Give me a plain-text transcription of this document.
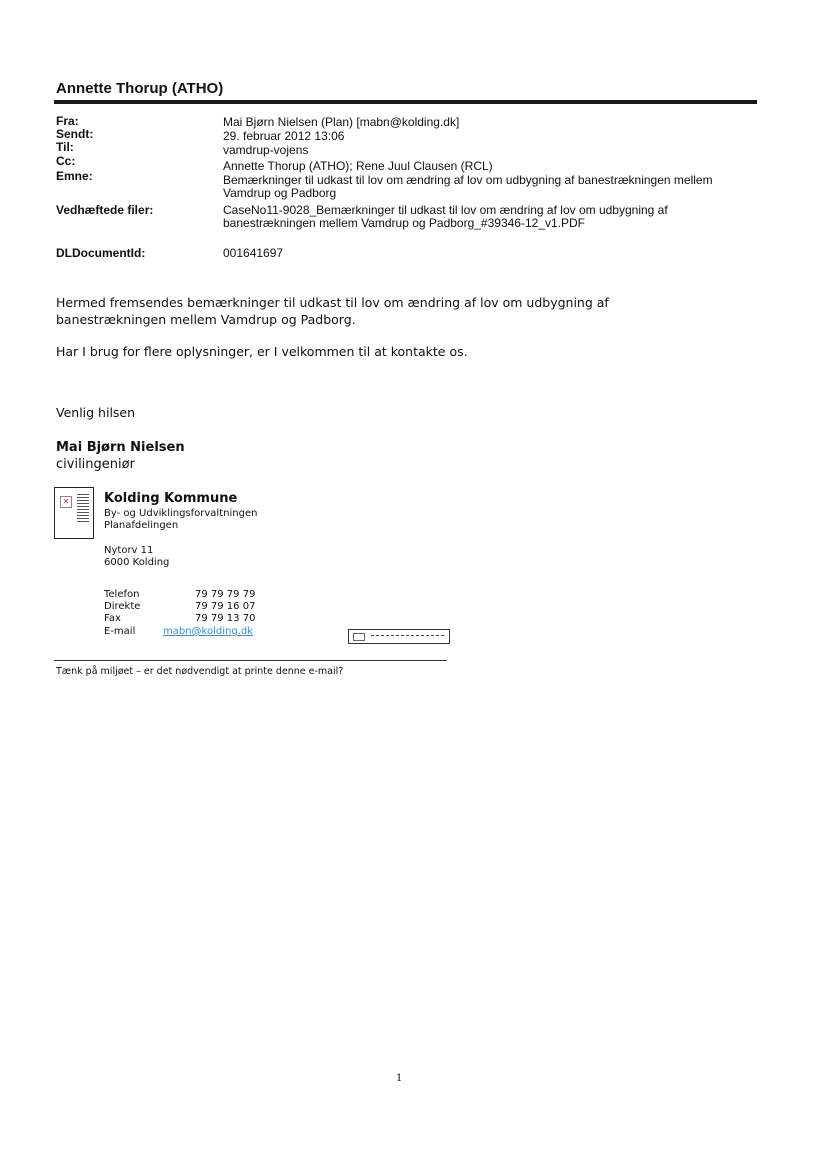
Annette Thorup (ATHO)
Fra:	Mai Bjørn Nielsen (Plan) [mabn@kolding.dk]
Sendt:	29. februar 2012 13:06
Til:	vamdrup-vojens
Cc:	Annette Thorup (ATHO); Rene Juul Clausen (RCL)
Emne:	Bemærkninger til udkast til lov om ændring af lov om udbygning af banestrækningen mellem Vamdrup og Padborg
Vedhæftede filer:	CaseNo11-9028_Bemærkninger til udkast til lov om ændring af lov om udbygning af banestrækningen mellem Vamdrup og Padborg_#39346-12_v1.PDF
DLDocumentId:	001641697
Hermed fremsendes bemærkninger til udkast til lov om ændring af lov om udbygning af banestrækningen mellem Vamdrup og Padborg.
Har I brug for flere oplysninger, er I velkommen til at kontakte os.
Venlig hilsen
Mai Bjørn Nielsen
civilingeniør
✕	Kolding Kommune
By- og Udviklingsforvaltningen
Planafdelingen
Nytorv 11
6000 Kolding
Telefon	79 79 79 79
Direkte	79 79 16 07
Fax	79 79 13 70
E-mail	mabn@kolding.dk
Tænk på miljøet – er det nødvendigt at printe denne e-mail?
1
